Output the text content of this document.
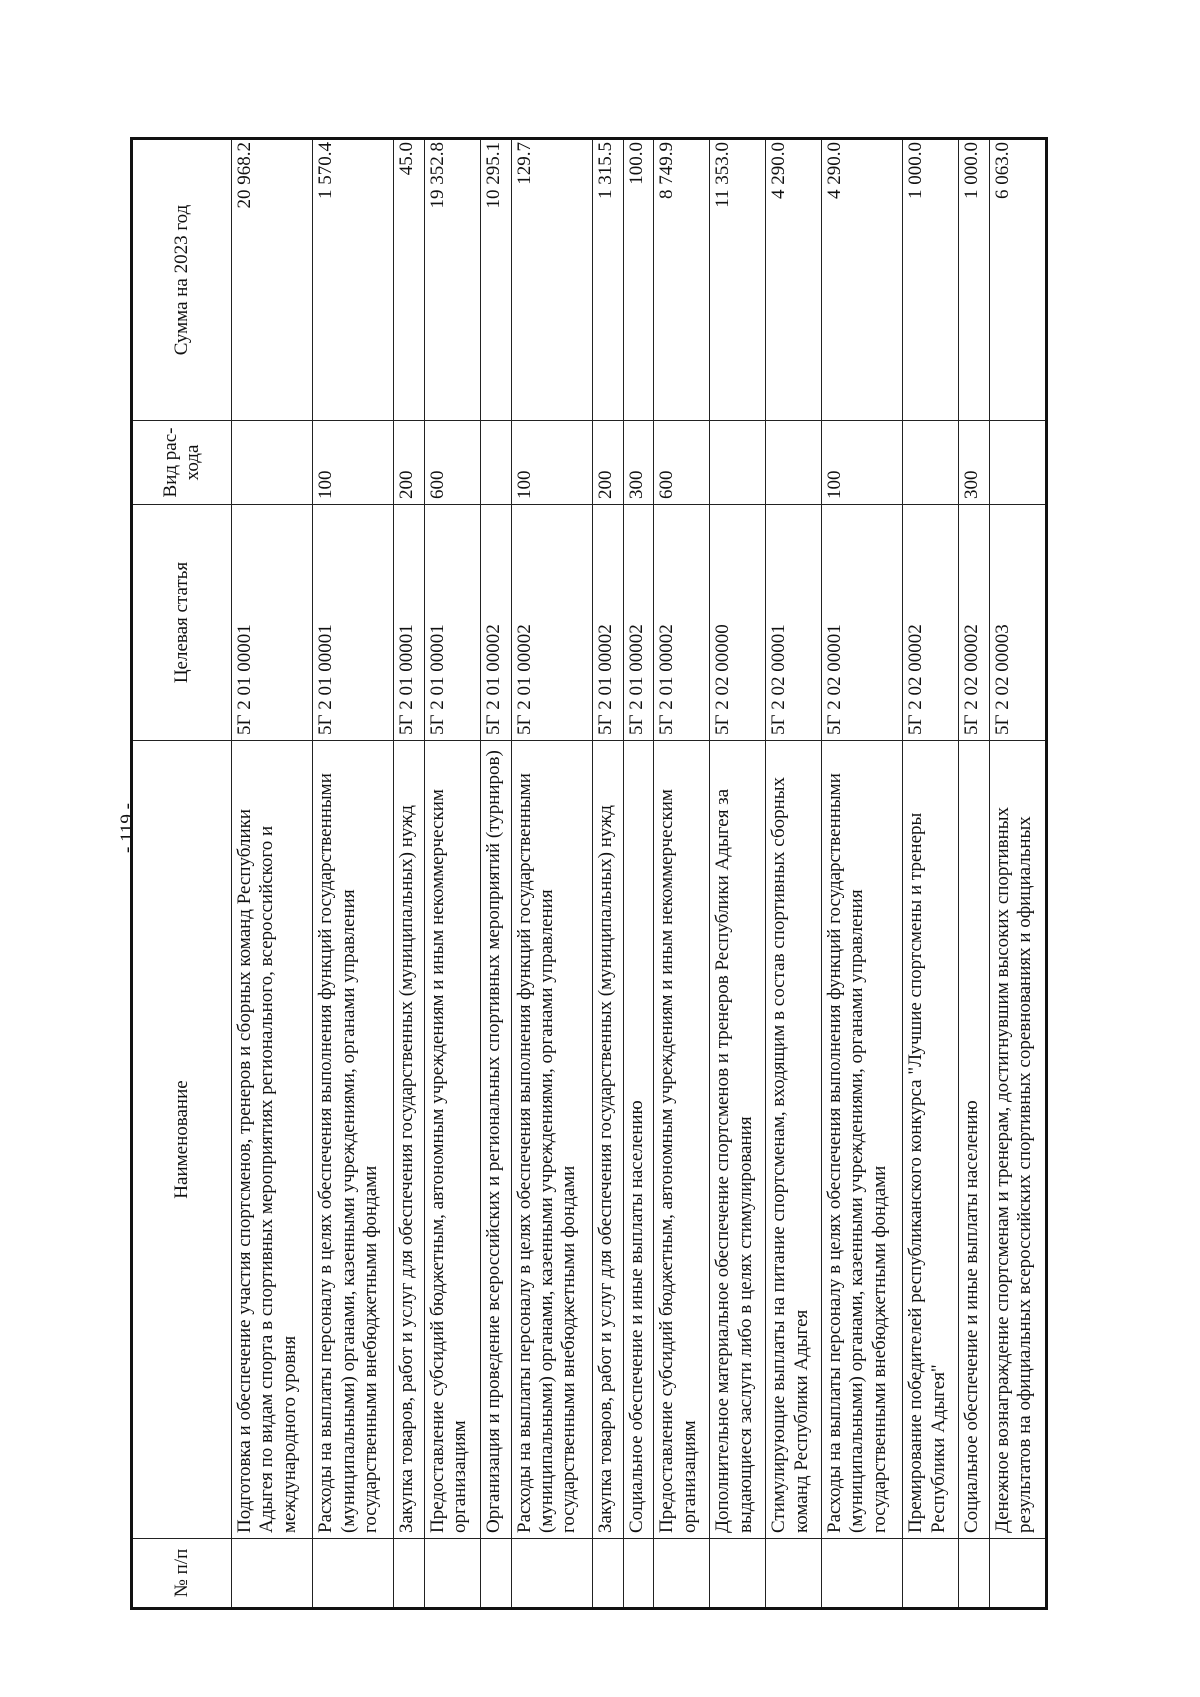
- 119 -
№ п/п	Наименование	Целевая статья	Вид рас- хода	Сумма на 2023 год
	Подготовка и обеспечение участия спортсменов, тренеров и сборных команд Республики Адыгея по видам спорта в спортивных мероприятиях регионального, всероссийского и международного уровня	5Г 2 01 00001		20 968.2
	Расходы на выплаты персоналу в целях обеспечения выполнения функций государственными (муниципальными) органами, казенными учреждениями, органами управления государственными внебюджетными фондами	5Г 2 01 00001	100	1 570.4
	Закупка товаров, работ и услуг для обеспечения государственных (муниципальных) нужд	5Г 2 01 00001	200	45.0
	Предоставление субсидий бюджетным, автономным учреждениям и иным некоммерческим организациям	5Г 2 01 00001	600	19 352.8
	Организация и проведение всероссийских и региональных спортивных мероприятий (турниров)	5Г 2 01 00002		10 295.1
	Расходы на выплаты персоналу в целях обеспечения выполнения функций государственными (муниципальными) органами, казенными учреждениями, органами управления государственными внебюджетными фондами	5Г 2 01 00002	100	129.7
	Закупка товаров, работ и услуг для обеспечения государственных (муниципальных) нужд	5Г 2 01 00002	200	1 315.5
	Социальное обеспечение и иные выплаты населению	5Г 2 01 00002	300	100.0
	Предоставление субсидий бюджетным, автономным учреждениям и иным некоммерческим организациям	5Г 2 01 00002	600	8 749.9
	Дополнительное материальное обеспечение спортсменов и тренеров Республики Адыгея за выдающиеся заслуги либо в целях стимулирования	5Г 2 02 00000		11 353.0
	Стимулирующие выплаты на питание спортсменам, входящим в состав спортивных сборных команд Республики Адыгея	5Г 2 02 00001		4 290.0
	Расходы на выплаты персоналу в целях обеспечения выполнения функций государственными (муниципальными) органами, казенными учреждениями, органами управления государственными внебюджетными фондами	5Г 2 02 00001	100	4 290.0
	Премирование победителей республиканского конкурса "Лучшие спортсмены и тренеры Республики Адыгея"	5Г 2 02 00002		1 000.0
	Социальное обеспечение и иные выплаты населению	5Г 2 02 00002	300	1 000.0
	Денежное вознаграждение спортсменам и тренерам, достигнувшим высоких спортивных результатов на официальных всероссийских спортивных соревнованиях и официальных	5Г 2 02 00003		6 063.0
